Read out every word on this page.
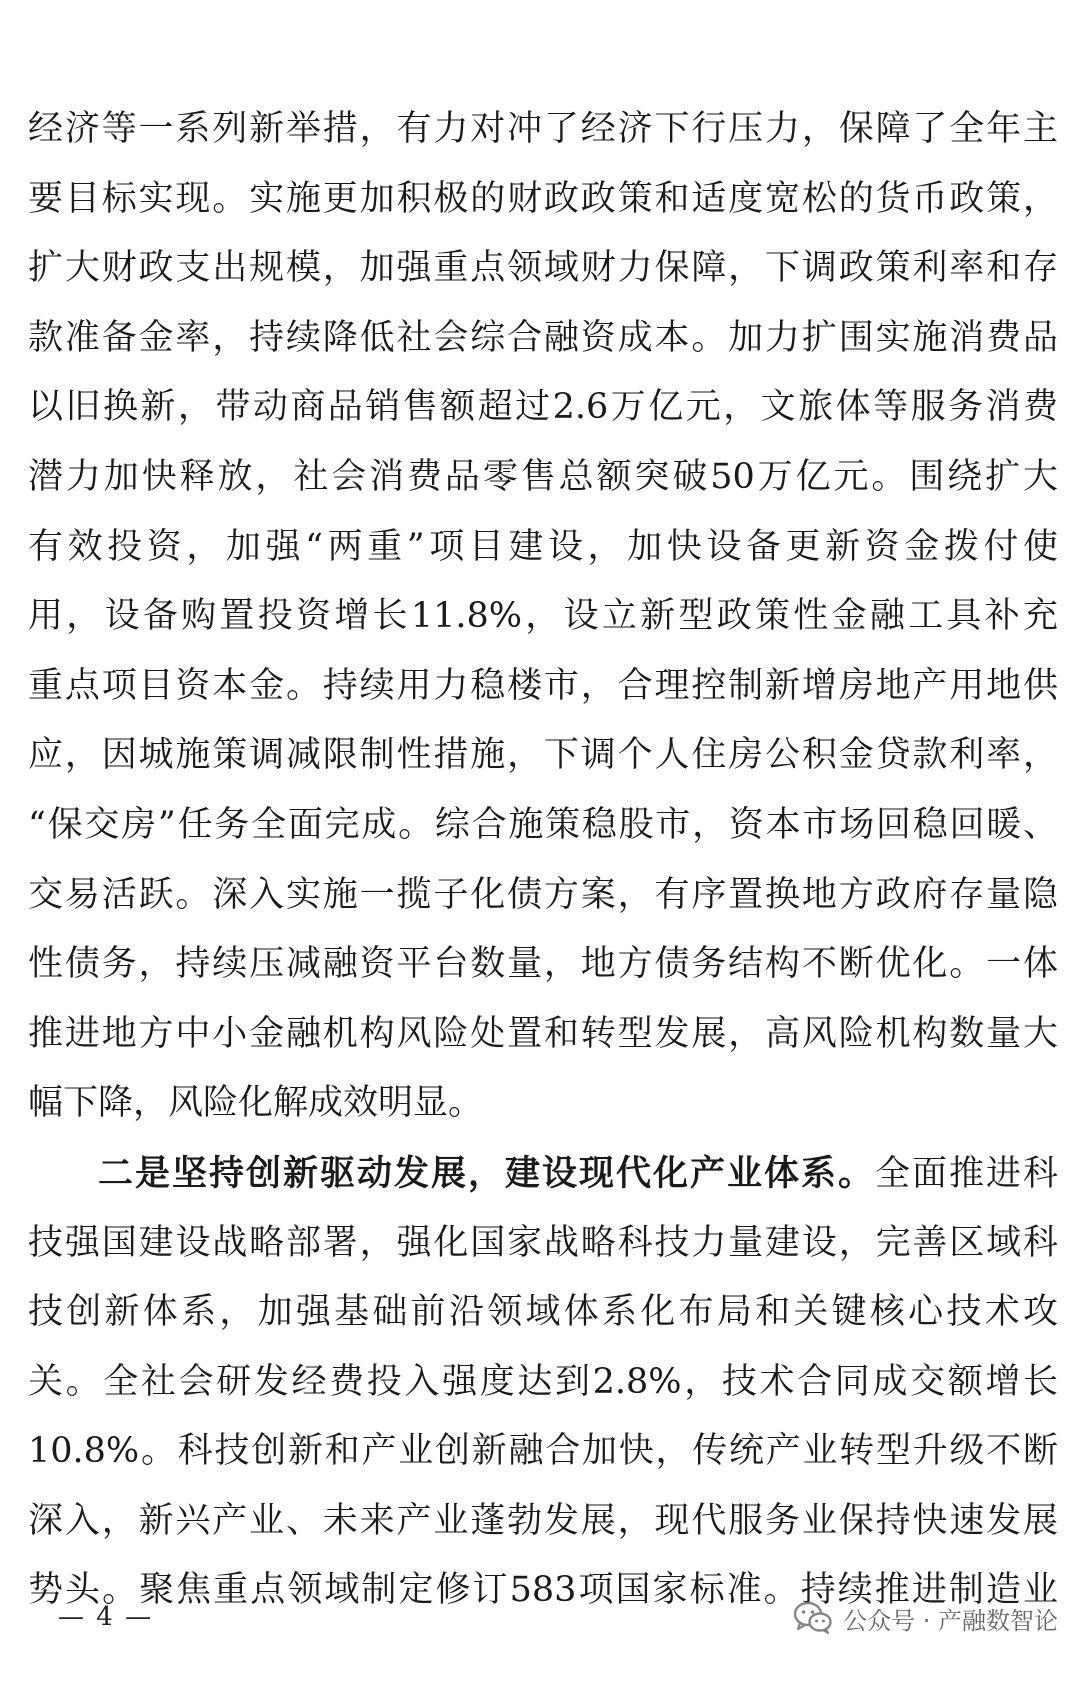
经济等一系列新举措，有力对冲了经济下行压力，保障了全年主
要目标实现。实施更加积极的财政政策和适度宽松的货币政策，
扩大财政支出规模，加强重点领域财力保障，下调政策利率和存
款准备金率，持续降低社会综合融资成本。加力扩围实施消费品
以旧换新，带动商品销售额超过2.6万亿元，文旅体等服务消费
潜力加快释放，社会消费品零售总额突破50万亿元。围绕扩大
有效投资，加强“两重”项目建设，加快设备更新资金拨付使
用，设备购置投资增长11.8%，设立新型政策性金融工具补充
重点项目资本金。持续用力稳楼市，合理控制新增房地产用地供
应，因城施策调减限制性措施，下调个人住房公积金贷款利率，
“保交房”任务全面完成。综合施策稳股市，资本市场回稳回暖、
交易活跃。深入实施一揽子化债方案，有序置换地方政府存量隐
性债务，持续压减融资平台数量，地方债务结构不断优化。一体
推进地方中小金融机构风险处置和转型发展，高风险机构数量大
幅下降，风险化解成效明显。
二是坚持创新驱动发展，建设现代化产业体系。全面推进科
技强国建设战略部署，强化国家战略科技力量建设，完善区域科
技创新体系，加强基础前沿领域体系化布局和关键核心技术攻
关。全社会研发经费投入强度达到2.8%，技术合同成交额增长
10.8%。科技创新和产业创新融合加快，传统产业转型升级不断
深入，新兴产业、未来产业蓬勃发展，现代服务业保持快速发展
势头。聚焦重点领域制定修订583项国家标准。持续推进制造业
— 4 —	公众号 · 产融数智论
